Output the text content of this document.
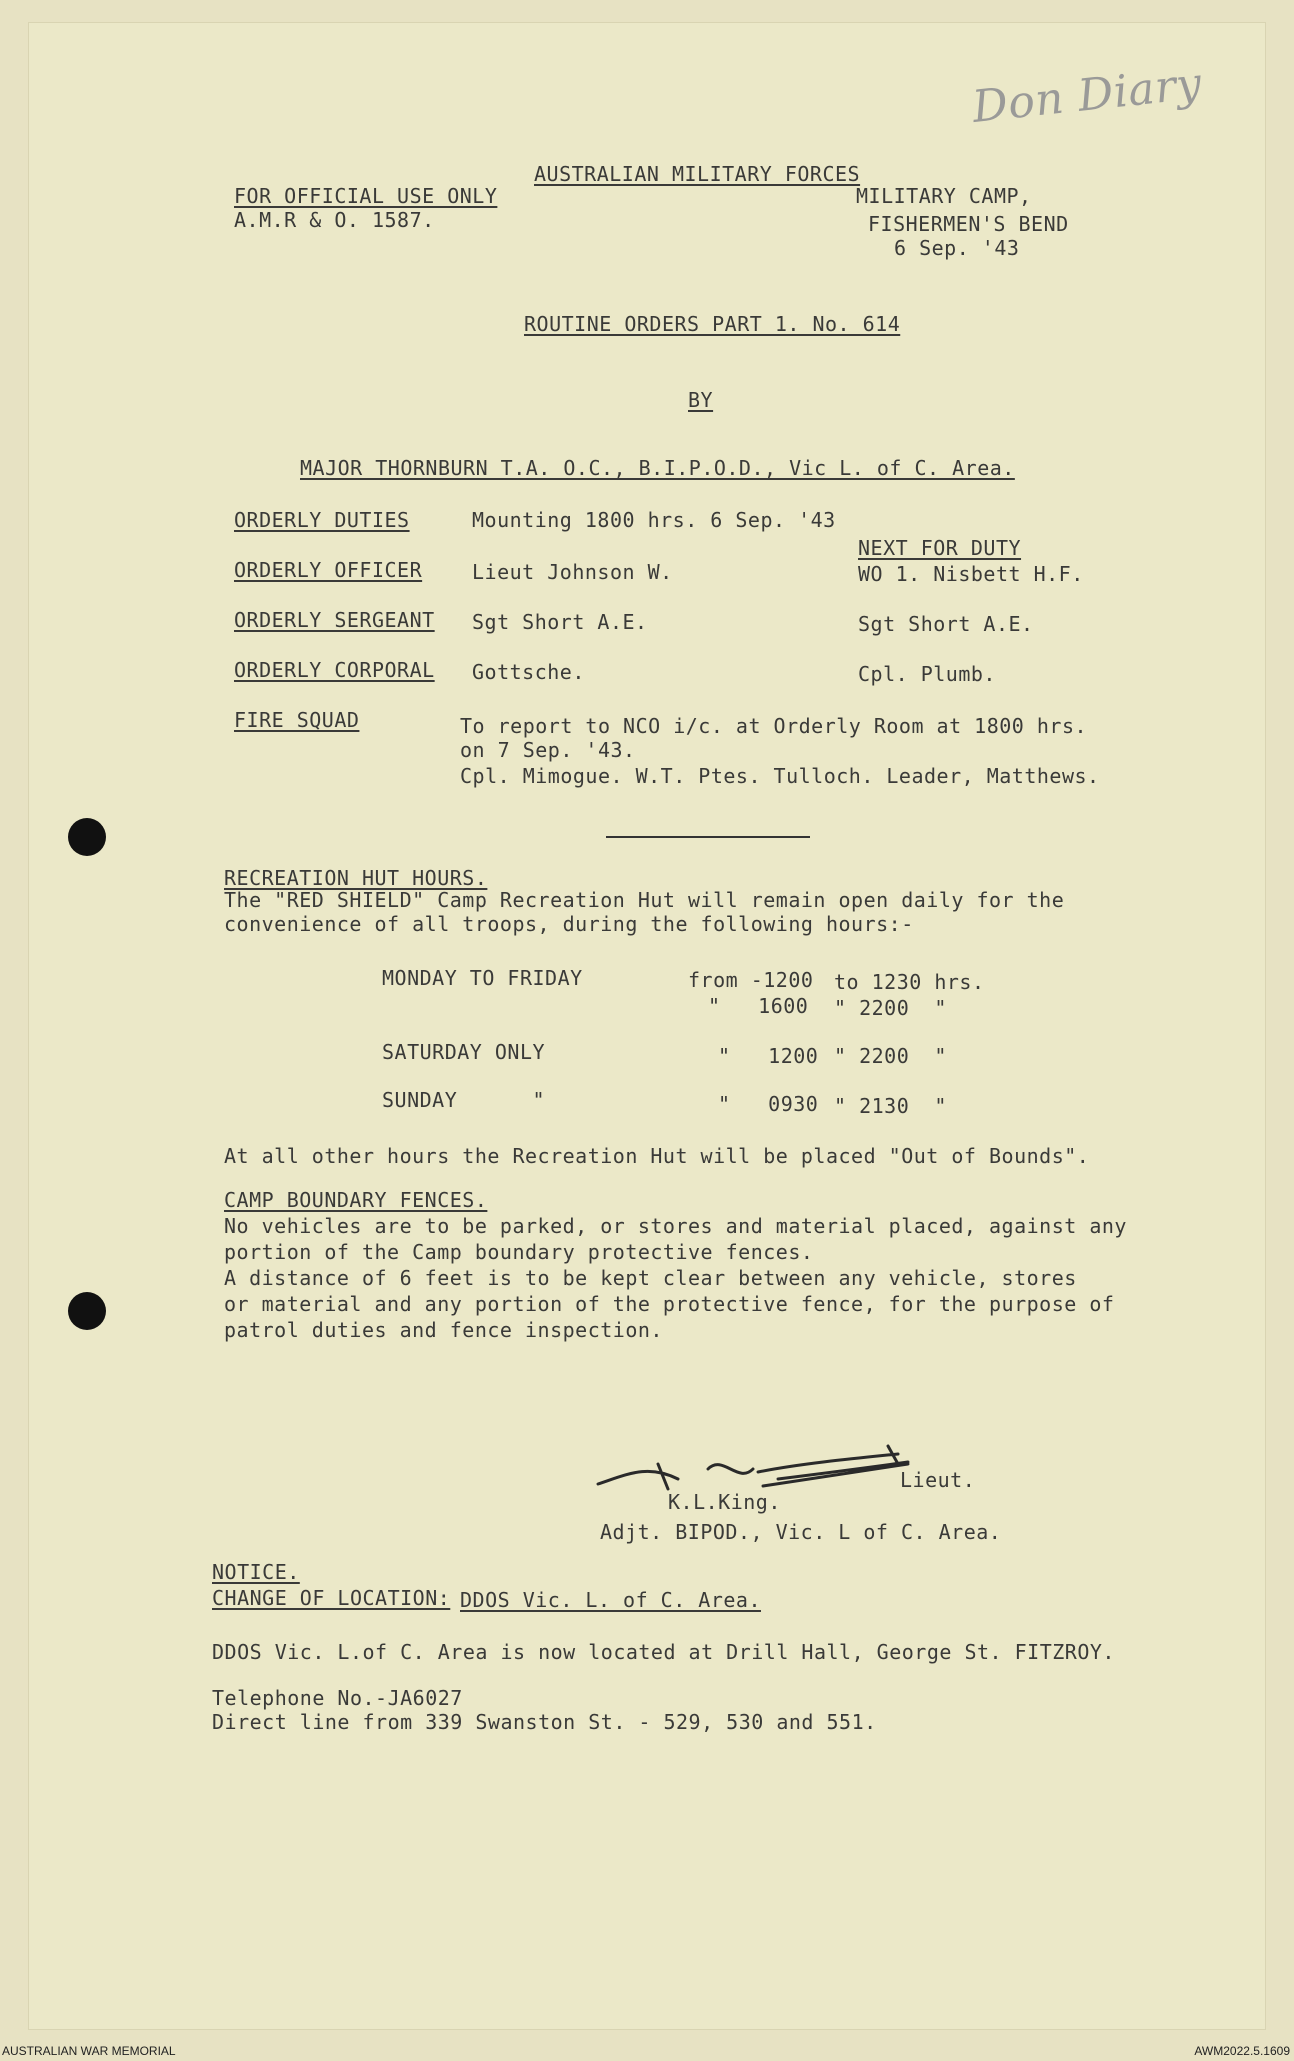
Don Diary
AUSTRALIAN MILITARY FORCES
FOR OFFICIAL USE ONLY
A.M.R & O. 1587.
MILITARY CAMP,
FISHERMEN'S BEND
6 Sep. '43
ROUTINE ORDERS PART 1. No. 614
BY
MAJOR THORNBURN T.A. O.C., B.I.P.O.D., Vic L. of C. Area.
ORDERLY DUTIES	Mounting 1800 hrs. 6 Sep. '43
NEXT FOR DUTY
ORDERLY OFFICER Lieut Johnson W.	WO 1. Nisbett H.F.
ORDERLY SERGEANT Sgt Short A.E.	Sgt Short A.E.
ORDERLY CORPORAL Gottsche.	Cpl. Plumb.
FIRE SQUAD	To report to NCO i/c. at Orderly Room at 1800 hrs.
on 7 Sep. '43.
Cpl. Mimogue. W.T. Ptes. Tulloch. Leader, Matthews.
RECREATION HUT HOURS.
The "RED SHIELD" Camp Recreation Hut will remain open daily for the
convenience of all troops, during the following hours:-
MONDAY TO FRIDAY	from -1200 to 1230 hrs.
"   1600 " 2200  "
SATURDAY ONLY	"   1200 " 2200  "
SUNDAY      "	"   0930 " 2130  "
At all other hours the Recreation Hut will be placed "Out of Bounds".
CAMP BOUNDARY FENCES.
No vehicles are to be parked, or stores and material placed, against any
portion of the Camp boundary protective fences.
A distance of 6 feet is to be kept clear between any vehicle, stores
or material and any portion of the protective fence, for the purpose of
patrol duties and fence inspection.
Lieut.
K.L.King.
Adjt. BIPOD., Vic. L of C. Area.
NOTICE.
CHANGE OF LOCATION: DDOS Vic. L. of C. Area.
DDOS Vic. L.of C. Area is now located at Drill Hall, George St. FITZROY.
Telephone No.-JA6027
Direct line from 339 Swanston St. - 529, 530 and 551.
AUSTRALIAN WAR MEMORIAL	AWM2022.5.1609
